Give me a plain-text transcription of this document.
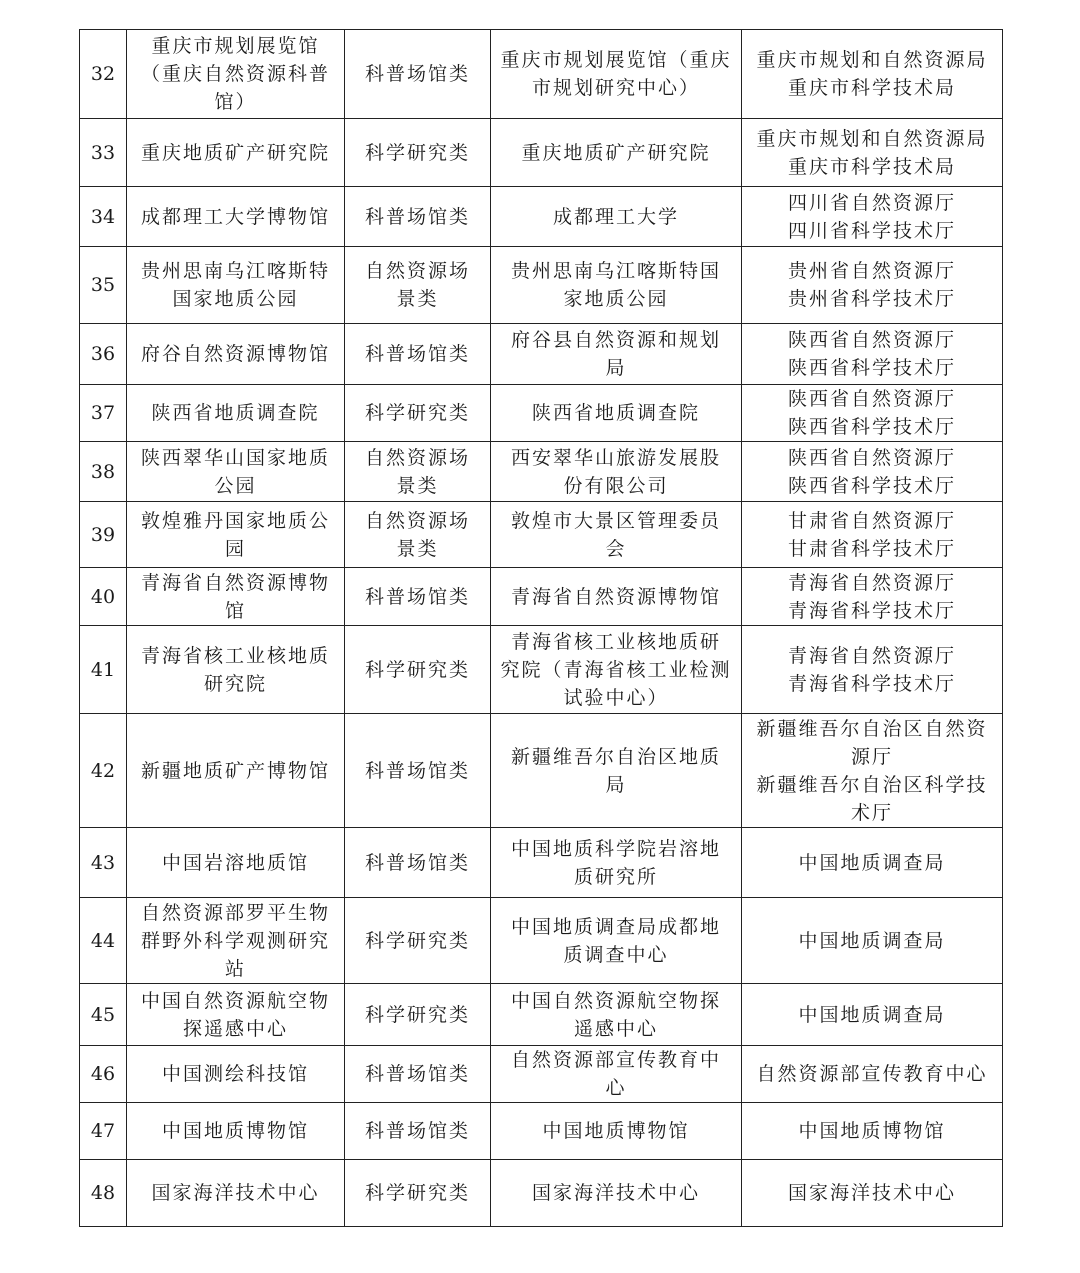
32	重庆市规划展览馆
（重庆自然资源科普
馆）	科普场馆类	重庆市规划展览馆（重庆
市规划研究中心）	重庆市规划和自然资源局
重庆市科学技术局
33	重庆地质矿产研究院	科学研究类	重庆地质矿产研究院	重庆市规划和自然资源局
重庆市科学技术局
34	成都理工大学博物馆	科普场馆类	成都理工大学	四川省自然资源厅
四川省科学技术厅
35	贵州思南乌江喀斯特
国家地质公园	自然资源场
景类	贵州思南乌江喀斯特国
家地质公园	贵州省自然资源厅
贵州省科学技术厅
36	府谷自然资源博物馆	科普场馆类	府谷县自然资源和规划
局	陕西省自然资源厅
陕西省科学技术厅
37	陕西省地质调查院	科学研究类	陕西省地质调查院	陕西省自然资源厅
陕西省科学技术厅
38	陕西翠华山国家地质
公园	自然资源场
景类	西安翠华山旅游发展股
份有限公司	陕西省自然资源厅
陕西省科学技术厅
39	敦煌雅丹国家地质公
园	自然资源场
景类	敦煌市大景区管理委员
会	甘肃省自然资源厅
甘肃省科学技术厅
40	青海省自然资源博物
馆	科普场馆类	青海省自然资源博物馆	青海省自然资源厅
青海省科学技术厅
41	青海省核工业核地质
研究院	科学研究类	青海省核工业核地质研
究院（青海省核工业检测
试验中心）	青海省自然资源厅
青海省科学技术厅
42	新疆地质矿产博物馆	科普场馆类	新疆维吾尔自治区地质
局	新疆维吾尔自治区自然资
源厅
新疆维吾尔自治区科学技
术厅
43	中国岩溶地质馆	科普场馆类	中国地质科学院岩溶地
质研究所	中国地质调查局
44	自然资源部罗平生物
群野外科学观测研究
站	科学研究类	中国地质调查局成都地
质调查中心	中国地质调查局
45	中国自然资源航空物
探遥感中心	科学研究类	中国自然资源航空物探
遥感中心	中国地质调查局
46	中国测绘科技馆	科普场馆类	自然资源部宣传教育中
心	自然资源部宣传教育中心
47	中国地质博物馆	科普场馆类	中国地质博物馆	中国地质博物馆
48	国家海洋技术中心	科学研究类	国家海洋技术中心	国家海洋技术中心
